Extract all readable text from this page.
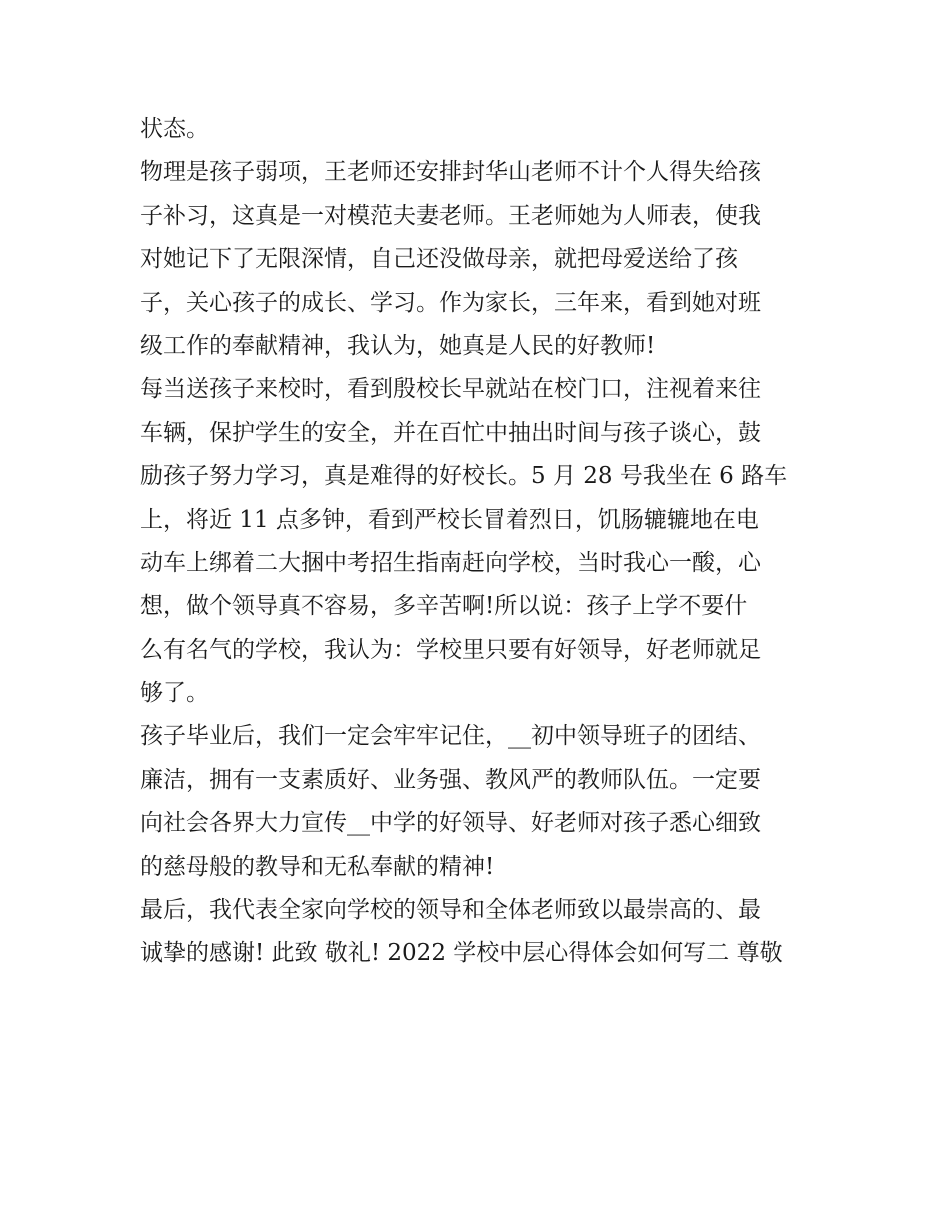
状态。
物理是孩子弱项，王老师还安排封华山老师不计个人得失给孩
子补习，这真是一对模范夫妻老师。王老师她为人师表，使我
对她记下了无限深情，自己还没做母亲，就把母爱送给了孩
子，关心孩子的成长、学习。作为家长，三年来，看到她对班
级工作的奉献精神，我认为，她真是人民的好教师!
每当送孩子来校时，看到殷校长早就站在校门口，注视着来往
车辆，保护学生的安全，并在百忙中抽出时间与孩子谈心，鼓
励孩子努力学习，真是难得的好校长。5 月 28 号我坐在 6 路车
上，将近 11 点多钟，看到严校长冒着烈日，饥肠辘辘地在电
动车上绑着二大捆中考招生指南赶向学校，当时我心一酸，心
想，做个领导真不容易，多辛苦啊!所以说：孩子上学不要什
么有名气的学校，我认为：学校里只要有好领导，好老师就足
够了。
孩子毕业后，我们一定会牢牢记住，__初中领导班子的团结、
廉洁，拥有一支素质好、业务强、教风严的教师队伍。一定要
向社会各界大力宣传__中学的好领导、好老师对孩子悉心细致
的慈母般的教导和无私奉献的精神!
最后，我代表全家向学校的领导和全体老师致以最崇高的、最
诚挚的感谢! 此致 敬礼! 2022 学校中层心得体会如何写二 尊敬
